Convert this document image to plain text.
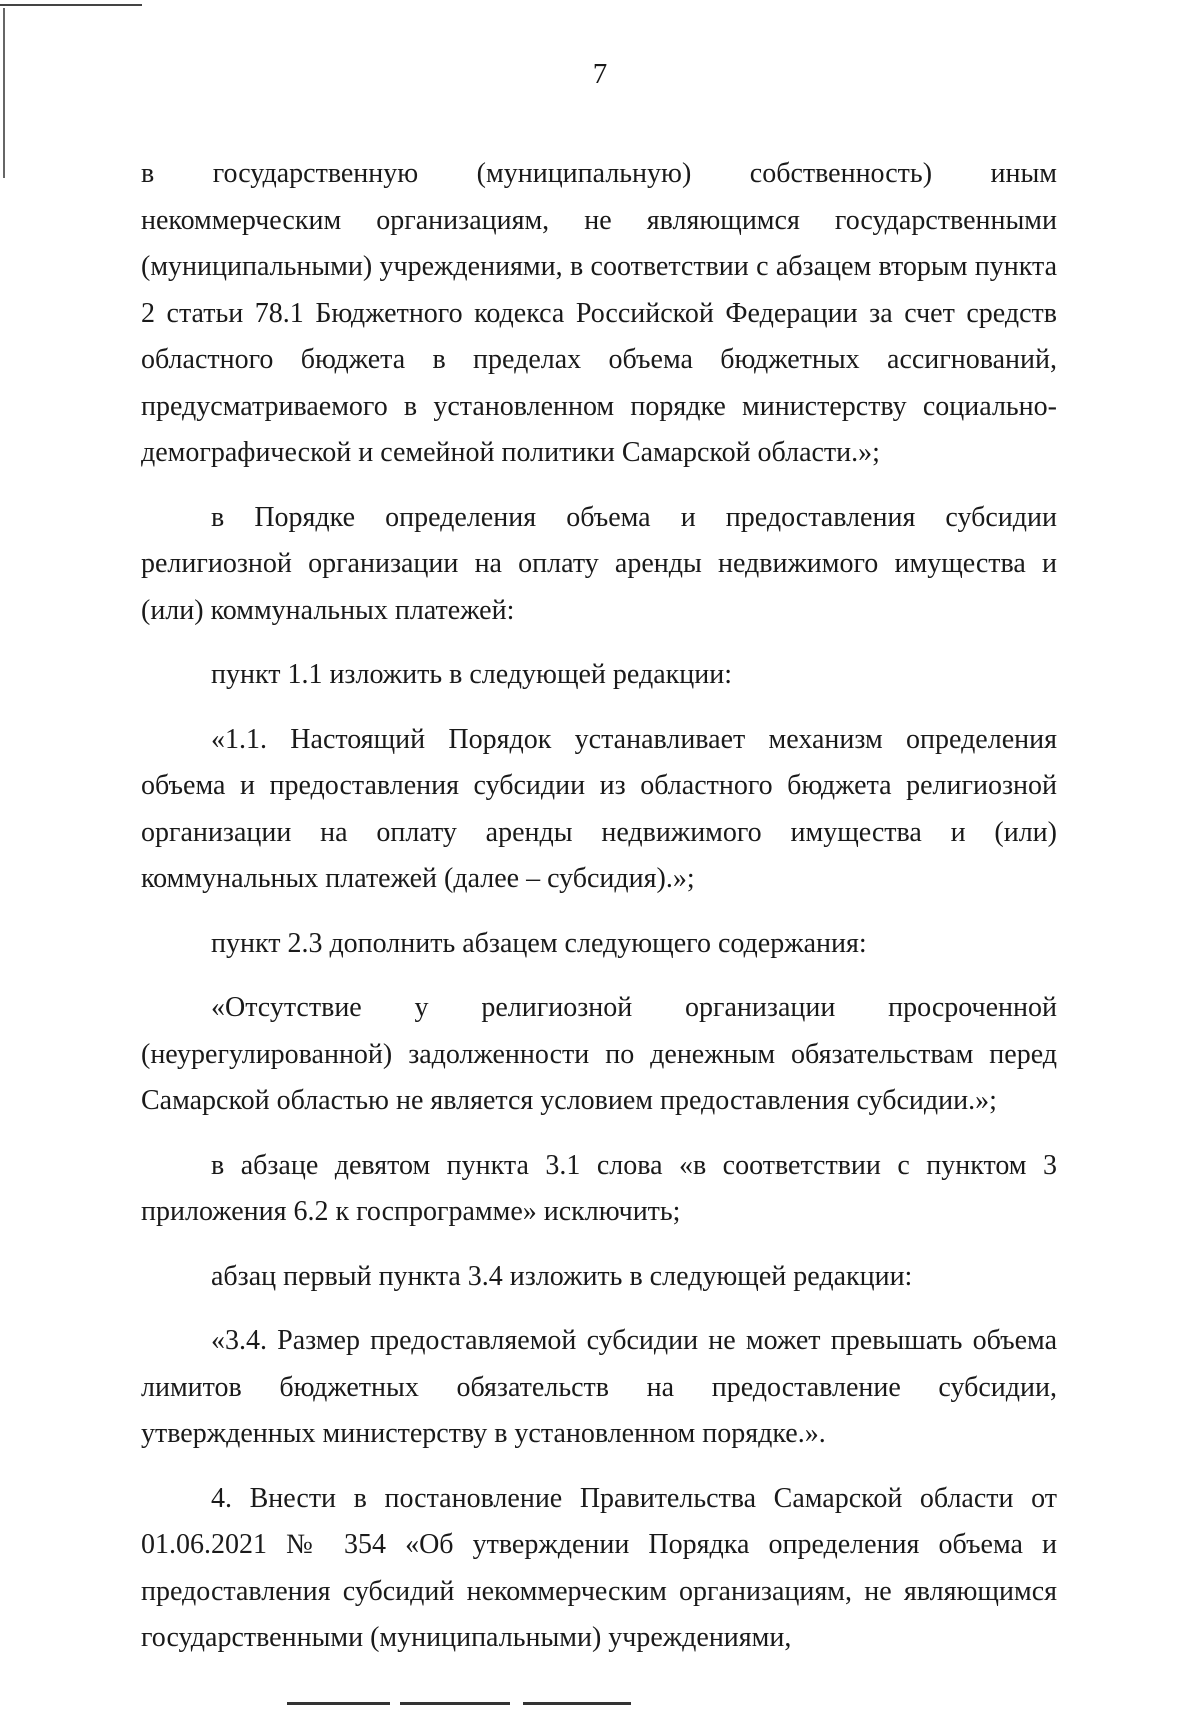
7

в государственную (муниципальную) собственность) иным некоммерческим организациям, не являющимся государственными (муниципальными) учреждениями, в соответствии с абзацем вторым пункта 2 статьи 78.1 Бюджетного кодекса Российской Федерации за счет средств областного бюджета в пределах объема бюджетных ассигнований, предусматриваемого в установленном порядке министерству социально-демографической и семейной политики Самарской области.»;

в Порядке определения объема и предоставления субсидии религиозной организации на оплату аренды недвижимого имущества и (или) коммунальных платежей:

пункт 1.1 изложить в следующей редакции:

«1.1. Настоящий Порядок устанавливает механизм определения объема и предоставления субсидии из областного бюджета религиозной организации на оплату аренды недвижимого имущества и (или) коммунальных платежей (далее – субсидия).»;

пункт 2.3 дополнить абзацем следующего содержания:

«Отсутствие у религиозной организации просроченной (неурегулированной) задолженности по денежным обязательствам перед Самарской областью не является условием предоставления субсидии.»;

в абзаце девятом пункта 3.1 слова «в соответствии с пунктом 3 приложения 6.2 к госпрограмме» исключить;

абзац первый пункта 3.4 изложить в следующей редакции:

«3.4. Размер предоставляемой субсидии не может превышать объема лимитов бюджетных обязательств на предоставление субсидии, утвержденных министерству в установленном порядке.».

4. Внести в постановление Правительства Самарской области от 01.06.2021 № 354 «Об утверждении Порядка определения объема и предоставления субсидий некоммерческим организациям, не являющимся государственными (муниципальными) учреждениями,
